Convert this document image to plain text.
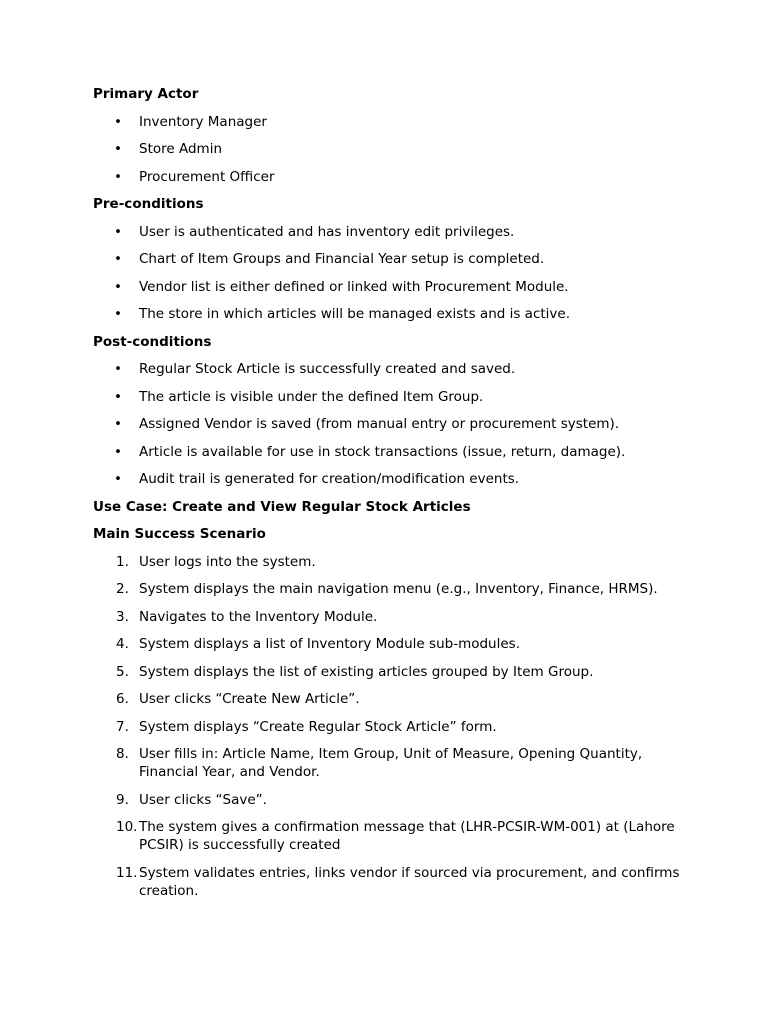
Primary Actor

• Inventory Manager
• Store Admin
• Procurement Officer

Pre-conditions

• User is authenticated and has inventory edit privileges.
• Chart of Item Groups and Financial Year setup is completed.
• Vendor list is either defined or linked with Procurement Module.
• The store in which articles will be managed exists and is active.

Post-conditions

• Regular Stock Article is successfully created and saved.
• The article is visible under the defined Item Group.
• Assigned Vendor is saved (from manual entry or procurement system).
• Article is available for use in stock transactions (issue, return, damage).
• Audit trail is generated for creation/modification events.

Use Case: Create and View Regular Stock Articles

Main Success Scenario

1. User logs into the system.
2. System displays the main navigation menu (e.g., Inventory, Finance, HRMS).
3. Navigates to the Inventory Module.
4. System displays a list of Inventory Module sub-modules.
5. System displays the list of existing articles grouped by Item Group.
6. User clicks “Create New Article”.
7. System displays “Create Regular Stock Article” form.
8. User fills in: Article Name, Item Group, Unit of Measure, Opening Quantity, Financial Year, and Vendor.
9. User clicks “Save”.
10. The system gives a confirmation message that (LHR-PCSIR-WM-001) at (Lahore PCSIR) is successfully created
11. System validates entries, links vendor if sourced via procurement, and confirms creation.
